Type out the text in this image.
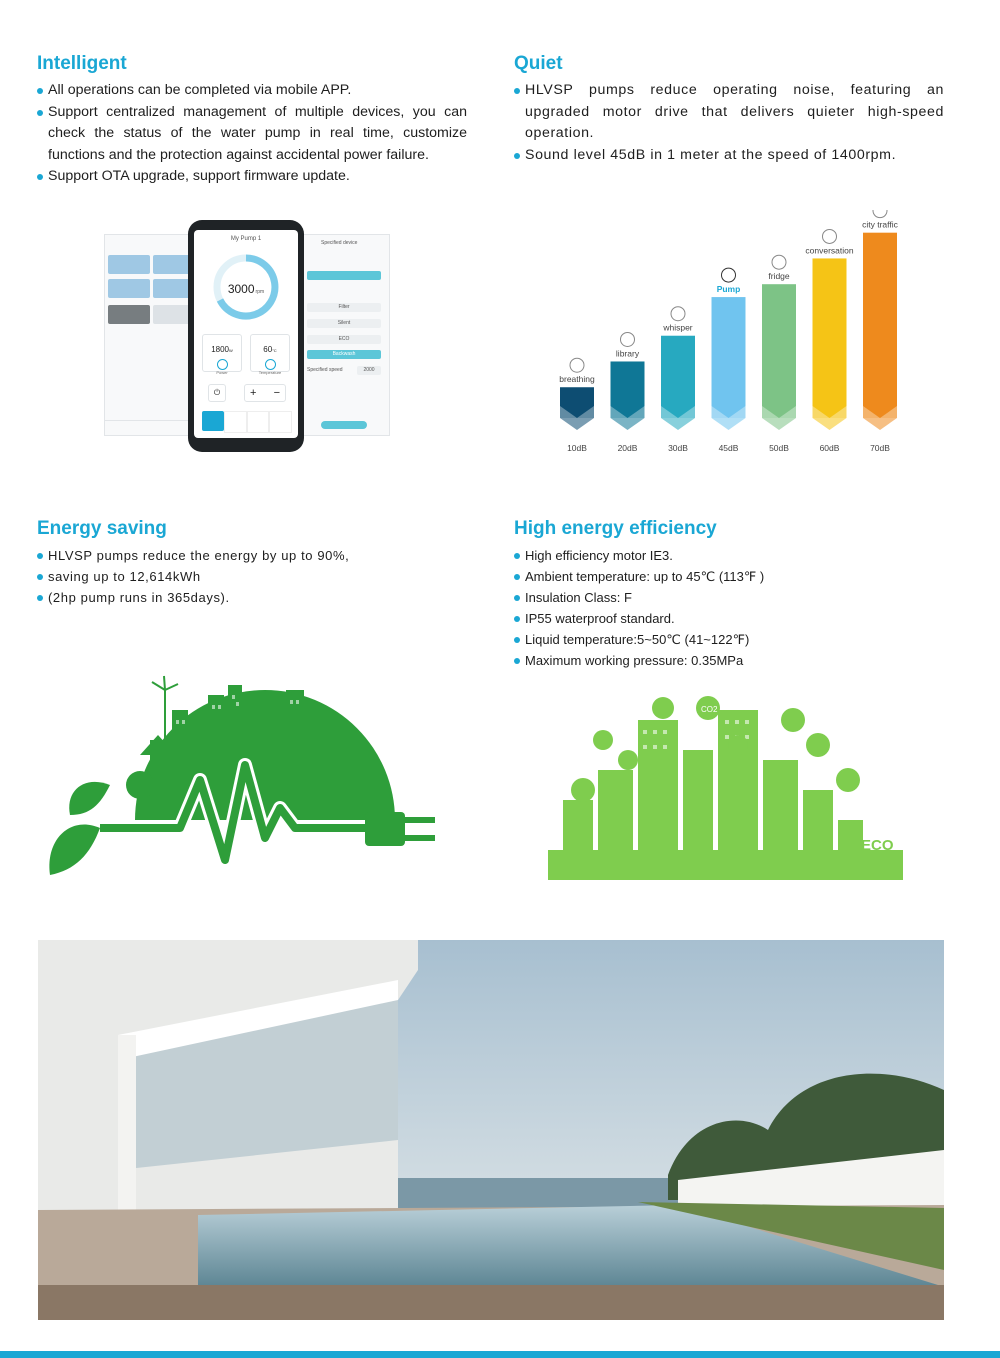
Intelligent
All operations can be completed via mobile APP.
Support centralized management of multiple devices, you can check the status of the water pump in real time, customize functions and the protection against accidental power failure.
Support OTA upgrade, support firmware update.
Quiet
HLVSP pumps reduce operating noise, featuring an upgraded motor drive that delivers quieter high-speed operation.
Sound level 45dB in 1 meter at the speed of 1400rpm.
Specified device
Filter
Silent
ECO
Backwash
Specified speed	2000
My Pump 1
3000rpm
1800W
Power
60°C
Temperature
⏻	+ −
10dB
breathing
20dB
library
30dB
whisper
45dB
Pump
50dB
fridge
60dB
conversation
70dB
city traffic
Energy saving
HLVSP pumps reduce the energy by up to 90%,
saving up to 12,614kWh
(2hp pump runs in 365days).
High energy efficiency
High efficiency motor IE3.
Ambient temperature: up to 45℃ (113℉ )
Insulation Class: F
IP55 waterproof standard.
Liquid temperature:5~50℃ (41~122℉)
Maximum working pressure: 0.35MPa
CO2
ECO
